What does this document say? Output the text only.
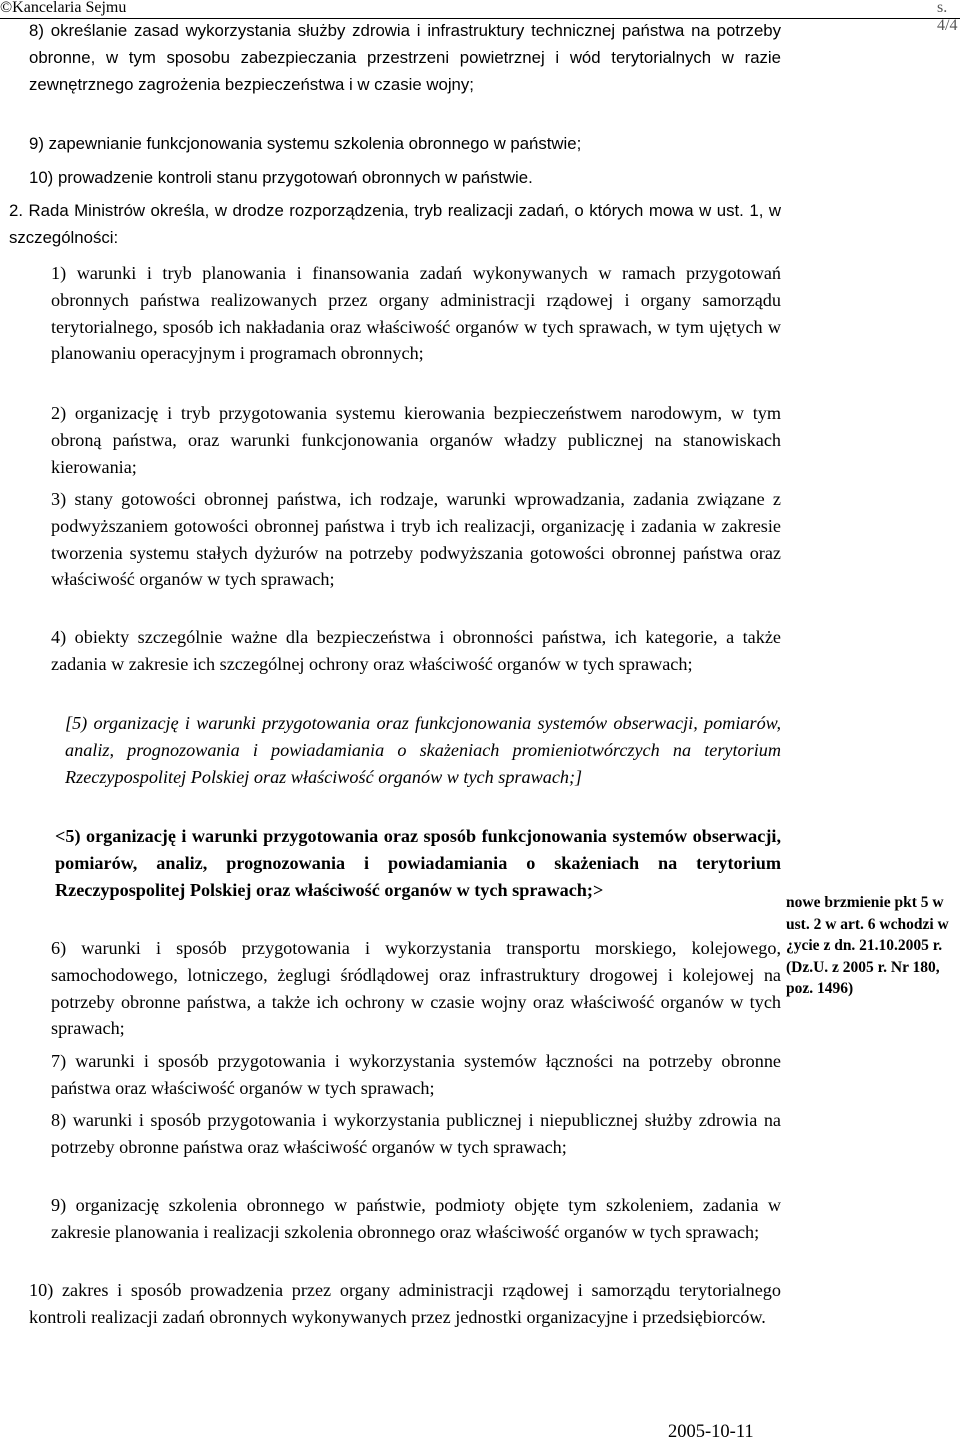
©Kancelaria Sejmu	s. 4/4
8) określanie zasad wykorzystania służby zdrowia i infrastruktury technicznej państwa na potrzeby obronne, w tym sposobu zabezpieczania przestrzeni powietrznej i wód terytorialnych w razie zewnętrznego zagrożenia bezpieczeństwa i w czasie wojny;
9) zapewnianie funkcjonowania systemu szkolenia obronnego w państwie;
10) prowadzenie kontroli stanu przygotowań obronnych w państwie.
2. Rada Ministrów określa, w drodze rozporządzenia, tryb realizacji zadań, o których mowa w ust. 1, w szczególności:
1) warunki i tryb planowania i finansowania zadań wykonywanych w ramach przygotowań obronnych państwa realizowanych przez organy administracji rządowej i organy samorządu terytorialnego, sposób ich nakładania oraz właściwość organów w tych sprawach, w tym ujętych w planowaniu operacyjnym i programach obronnych;
2) organizację i tryb przygotowania systemu kierowania bezpieczeństwem narodowym, w tym obroną państwa, oraz warunki funkcjonowania organów władzy publicznej na stanowiskach kierowania;
3) stany gotowości obronnej państwa, ich rodzaje, warunki wprowadzania, zadania związane z podwyższaniem gotowości obronnej państwa i tryb ich realizacji, organizację i zadania w zakresie tworzenia systemu stałych dyżurów na potrzeby podwyższania gotowości obronnej państwa oraz właściwość organów w tych sprawach;
4) obiekty szczególnie ważne dla bezpieczeństwa i obronności państwa, ich kategorie, a także zadania w zakresie ich szczególnej ochrony oraz właściwość organów w tych sprawach;
[5) organizację i warunki przygotowania oraz funkcjonowania systemów obserwacji, pomiarów, analiz, prognozowania i powiadamiania o skażeniach promieniotwórczych na terytorium Rzeczypospolitej Polskiej oraz właściwość organów w tych sprawach;]
<5) organizację i warunki przygotowania oraz sposób funkcjonowania systemów obserwacji, pomiarów, analiz, prognozowania i powiadamiania o skażeniach na terytorium Rzeczypospolitej Polskiej oraz właściwość organów w tych sprawach;>
6) warunki i sposób przygotowania i wykorzystania transportu morskiego, kolejowego, samochodowego, lotniczego, żeglugi śródlądowej oraz infrastruktury drogowej i kolejowej na potrzeby obronne państwa, a także ich ochrony w czasie wojny oraz właściwość organów w tych sprawach;
7) warunki i sposób przygotowania i wykorzystania systemów łączności na potrzeby obronne państwa oraz właściwość organów w tych sprawach;
8) warunki i sposób przygotowania i wykorzystania publicznej i niepublicznej służby zdrowia na potrzeby obronne państwa oraz właściwość organów w tych sprawach;
9) organizację szkolenia obronnego w państwie, podmioty objęte tym szkoleniem, zadania w zakresie planowania i realizacji szkolenia obronnego oraz właściwość organów w tych sprawach;
10) zakres i sposób prowadzenia przez organy administracji rządowej i samorządu terytorialnego kontroli realizacji zadań obronnych wykonywanych przez jednostki organizacyjne i przedsiębiorców.
nowe brzmienie pkt 5 w ust. 2 w art. 6 wchodzi w ¿ycie z dn. 21.10.2005 r. (Dz.U. z 2005 r. Nr 180, poz. 1496)
2005-10-11
